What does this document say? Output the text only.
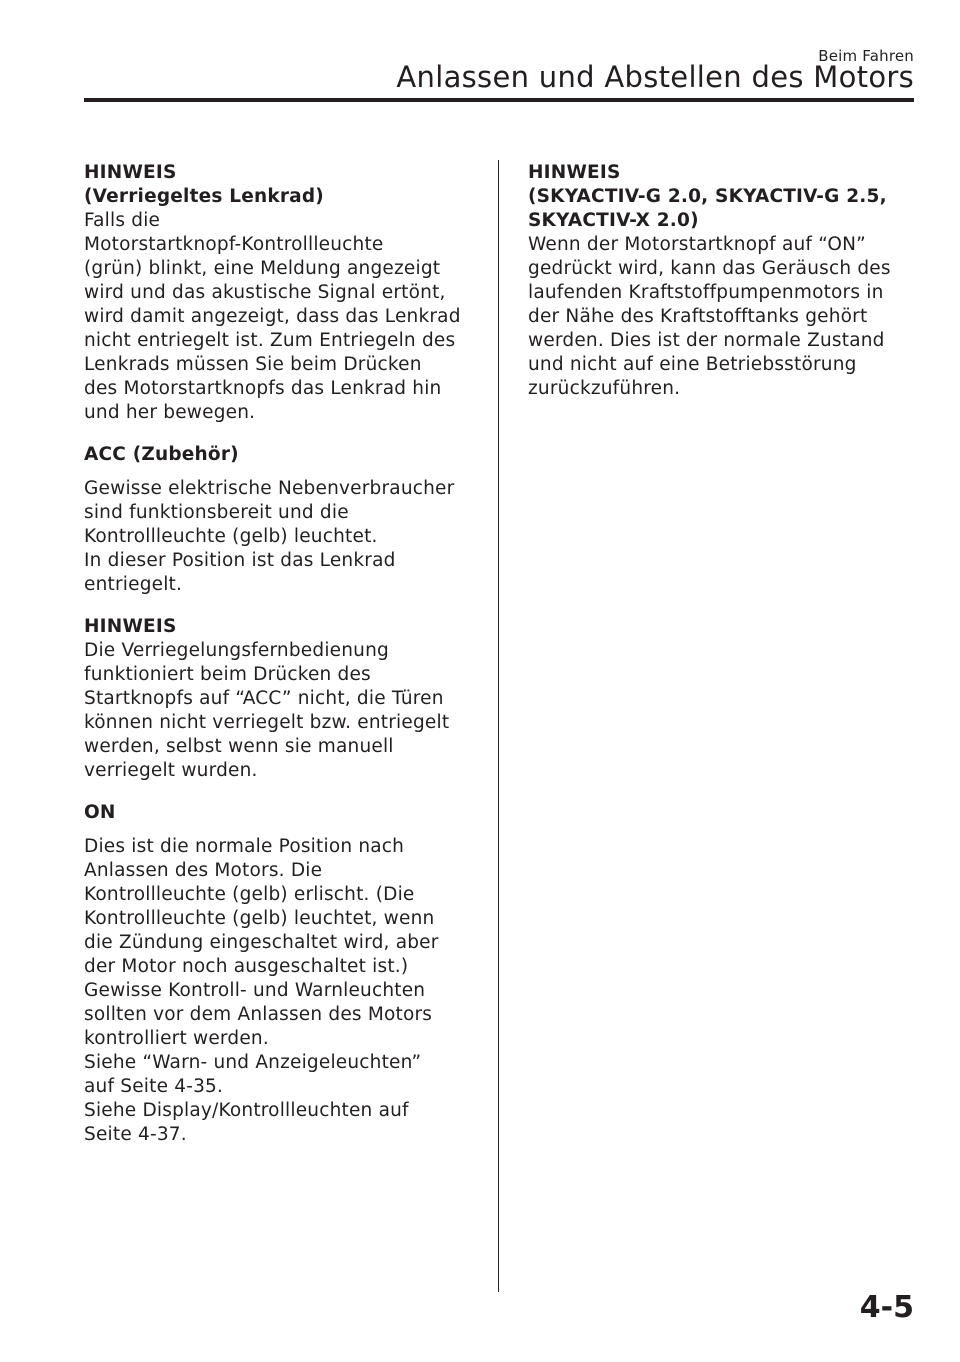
Beim Fahren
Anlassen und Abstellen des Motors
HINWEIS
(Verriegeltes Lenkrad)
Falls die
Motorstartknopf-Kontrollleuchte
(grün) blinkt, eine Meldung angezeigt
wird und das akustische Signal ertönt,
wird damit angezeigt, dass das Lenkrad
nicht entriegelt ist. Zum Entriegeln des
Lenkrads müssen Sie beim Drücken
des Motorstartknopfs das Lenkrad hin
und her bewegen.
ACC (Zubehör)
Gewisse elektrische Nebenverbraucher
sind funktionsbereit und die
Kontrollleuchte (gelb) leuchtet.
In dieser Position ist das Lenkrad
entriegelt.
HINWEIS
Die Verriegelungsfernbedienung
funktioniert beim Drücken des
Startknopfs auf “ACC” nicht, die Türen
können nicht verriegelt bzw. entriegelt
werden, selbst wenn sie manuell
verriegelt wurden.
ON
Dies ist die normale Position nach
Anlassen des Motors. Die
Kontrollleuchte (gelb) erlischt. (Die
Kontrollleuchte (gelb) leuchtet, wenn
die Zündung eingeschaltet wird, aber
der Motor noch ausgeschaltet ist.)
Gewisse Kontroll- und Warnleuchten
sollten vor dem Anlassen des Motors
kontrolliert werden.
Siehe “Warn- und Anzeigeleuchten”
auf Seite 4-35.
Siehe Display/Kontrollleuchten auf
Seite 4-37.
HINWEIS
(SKYACTIV-G 2.0, SKYACTIV-G 2.5,
SKYACTIV-X 2.0)
Wenn der Motorstartknopf auf “ON”
gedrückt wird, kann das Geräusch des
laufenden Kraftstoffpumpenmotors in
der Nähe des Kraftstofftanks gehört
werden. Dies ist der normale Zustand
und nicht auf eine Betriebsstörung
zurückzuführen.
4-5
